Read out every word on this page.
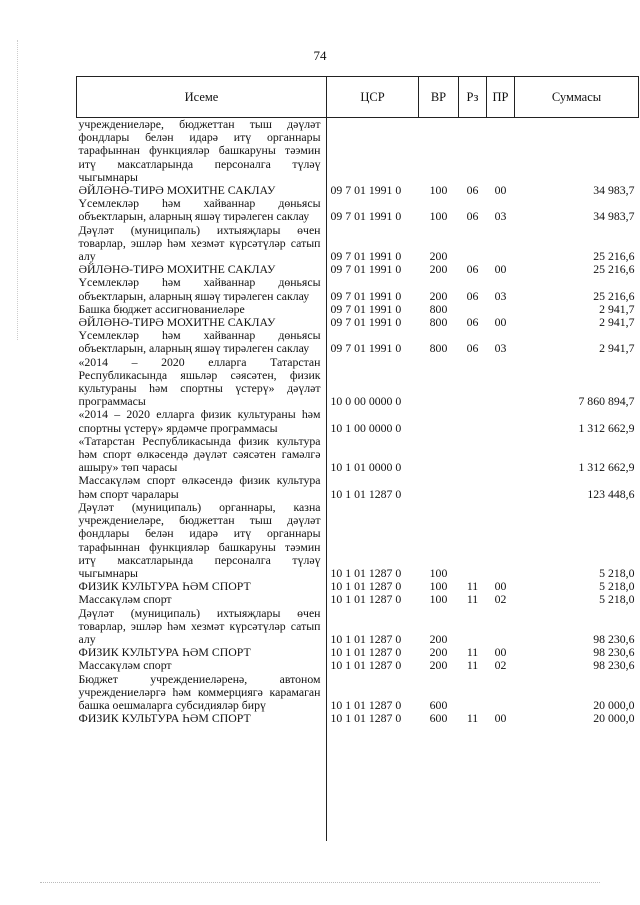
74
Исеме	ЦСР	ВР	Рз	ПР	Суммасы
учреждениеләре, бюджеттан тыш дәүләт фондлары белән идарә итү органнары тарафыннан функцияләр башкаруны тәэмин итү максатларында персоналга түләү чыгымнары					
ӘЙЛӘНӘ-ТИРӘ МОХИТНЕ САКЛАУ	09 7 01 1991 0	100	06	00	34 983,7
Үсемлекләр һәм хайваннар дөньясы объектларын, аларның яшәү тирәлеген саклау	09 7 01 1991 0	100	06	03	34 983,7
Дәүләт (муниципаль) ихтыяҗлары өчен товарлар, эшләр һәм хезмәт күрсәтүләр сатып алу	09 7 01 1991 0	200			25 216,6
ӘЙЛӘНӘ-ТИРӘ МОХИТНЕ САКЛАУ	09 7 01 1991 0	200	06	00	25 216,6
Үсемлекләр һәм хайваннар дөньясы объектларын, аларның яшәү тирәлеген саклау	09 7 01 1991 0	200	06	03	25 216,6
Башка бюджет ассигнованиеләре	09 7 01 1991 0	800			2 941,7
ӘЙЛӘНӘ-ТИРӘ МОХИТНЕ САКЛАУ	09 7 01 1991 0	800	06	00	2 941,7
Үсемлекләр һәм хайваннар дөньясы объектларын, аларның яшәү тирәлеген саклау	09 7 01 1991 0	800	06	03	2 941,7
«2014 – 2020 елларга Татарстан Республикасында яшьләр сәясәтен, физик культураны һәм спортны үстерү» дәүләт программасы	10 0 00 0000 0				7 860 894,7
«2014 – 2020 елларга физик культураны һәм спортны үстерү» ярдәмче программасы	10 1 00 0000 0				1 312 662,9
«Татарстан Республикасында физик культура һәм спорт өлкәсендә дәүләт сәясәтен гамәлгә ашыру» төп чарасы	10 1 01 0000 0				1 312 662,9
Массакүләм спорт өлкәсендә физик культура һәм спорт чаралары	10 1 01 1287 0				123 448,6
Дәүләт (муниципаль) органнары, казна учреждениеләре, бюджеттан тыш дәүләт фондлары белән идарә итү органнары тарафыннан функцияләр башкаруны тәэмин итү максатларында персоналга түләү чыгымнары	10 1 01 1287 0	100			5 218,0
ФИЗИК КУЛЬТУРА ҺӘМ СПОРТ	10 1 01 1287 0	100	11	00	5 218,0
Массакүләм спорт	10 1 01 1287 0	100	11	02	5 218,0
Дәүләт (муниципаль) ихтыяҗлары өчен товарлар, эшләр һәм хезмәт күрсәтүләр сатып алу	10 1 01 1287 0	200			98 230,6
ФИЗИК КУЛЬТУРА ҺӘМ СПОРТ	10 1 01 1287 0	200	11	00	98 230,6
Массакүләм спорт	10 1 01 1287 0	200	11	02	98 230,6
Бюджет учреждениеләренә, автоном учреждениеләргә һәм коммерциягә карамаган башка оешмаларга субсидияләр бирү	10 1 01 1287 0	600			20 000,0
ФИЗИК КУЛЬТУРА ҺӘМ СПОРТ	10 1 01 1287 0	600	11	00	20 000,0
